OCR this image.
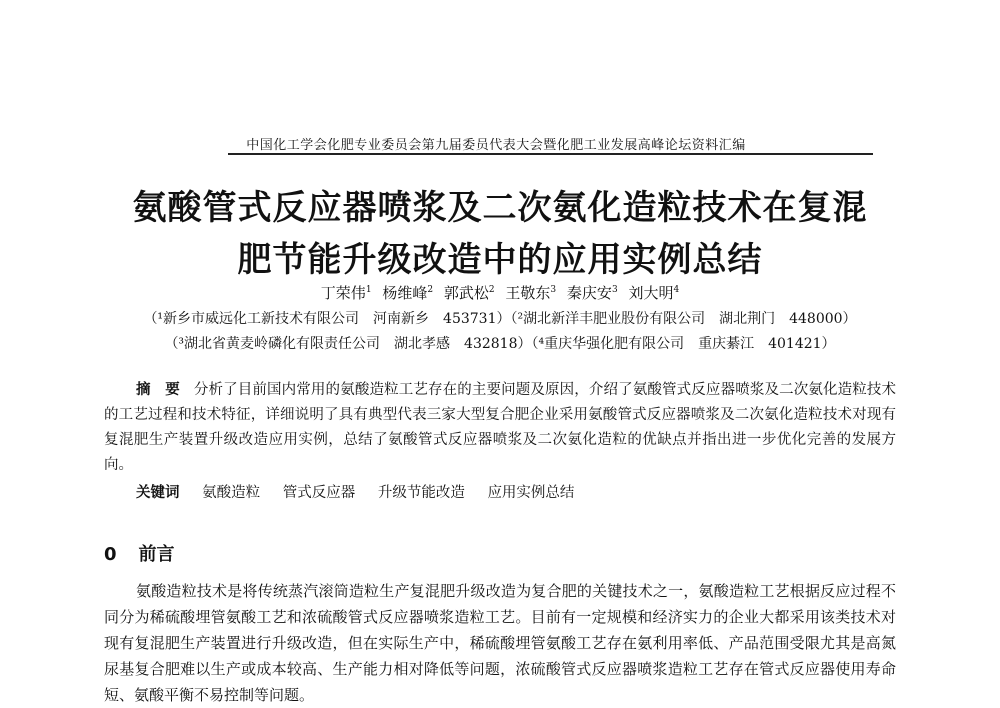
中国化工学会化肥专业委员会第九届委员代表大会暨化肥工业发展高峰论坛资料汇编
氨酸管式反应器喷浆及二次氨化造粒技术在复混
肥节能升级改造中的应用实例总结
丁荣伟$^1$ 杨维峰$^2$ 郭武松$^2$ 王敬东$^3$ 秦庆安$^3$ 刘大明$^4$
（¹新乡市威远化工新技术有限公司　河南新乡　453731）（²湖北新洋丰肥业股份有限公司　湖北荆门　448000）
（³湖北省黄麦岭磷化有限责任公司　湖北孝感　432818）（⁴重庆华强化肥有限公司　重庆綦江　401421）
摘　要 分析了目前国内常用的氨酸造粒工艺存在的主要问题及原因，介绍了氨酸管式反应器喷浆及二次氨化造粒技术的工艺过程和技术特征，详细说明了具有典型代表三家大型复合肥企业采用氨酸管式反应器喷浆及二次氨化造粒技术对现有复混肥生产装置升级改造应用实例，总结了氨酸管式反应器喷浆及二次氨化造粒的优缺点并指出进一步优化完善的发展方向。
关键词 氨酸造粒 管式反应器 升级节能改造 应用实例总结
0 前言
氨酸造粒技术是将传统蒸汽滚筒造粒生产复混肥升级改造为复合肥的关键技术之一，氨酸造粒工艺根据反应过程不同分为稀硫酸埋管氨酸工艺和浓硫酸管式反应器喷浆造粒工艺。目前有一定规模和经济实力的企业大都采用该类技术对现有复混肥生产装置进行升级改造，但在实际生产中，稀硫酸埋管氨酸工艺存在氨利用率低、产品范围受限尤其是高氮尿基复合肥难以生产或成本较高、生产能力相对降低等问题，浓硫酸管式反应器喷浆造粒工艺存在管式反应器使用寿命短、氨酸平衡不易控制等问题。
